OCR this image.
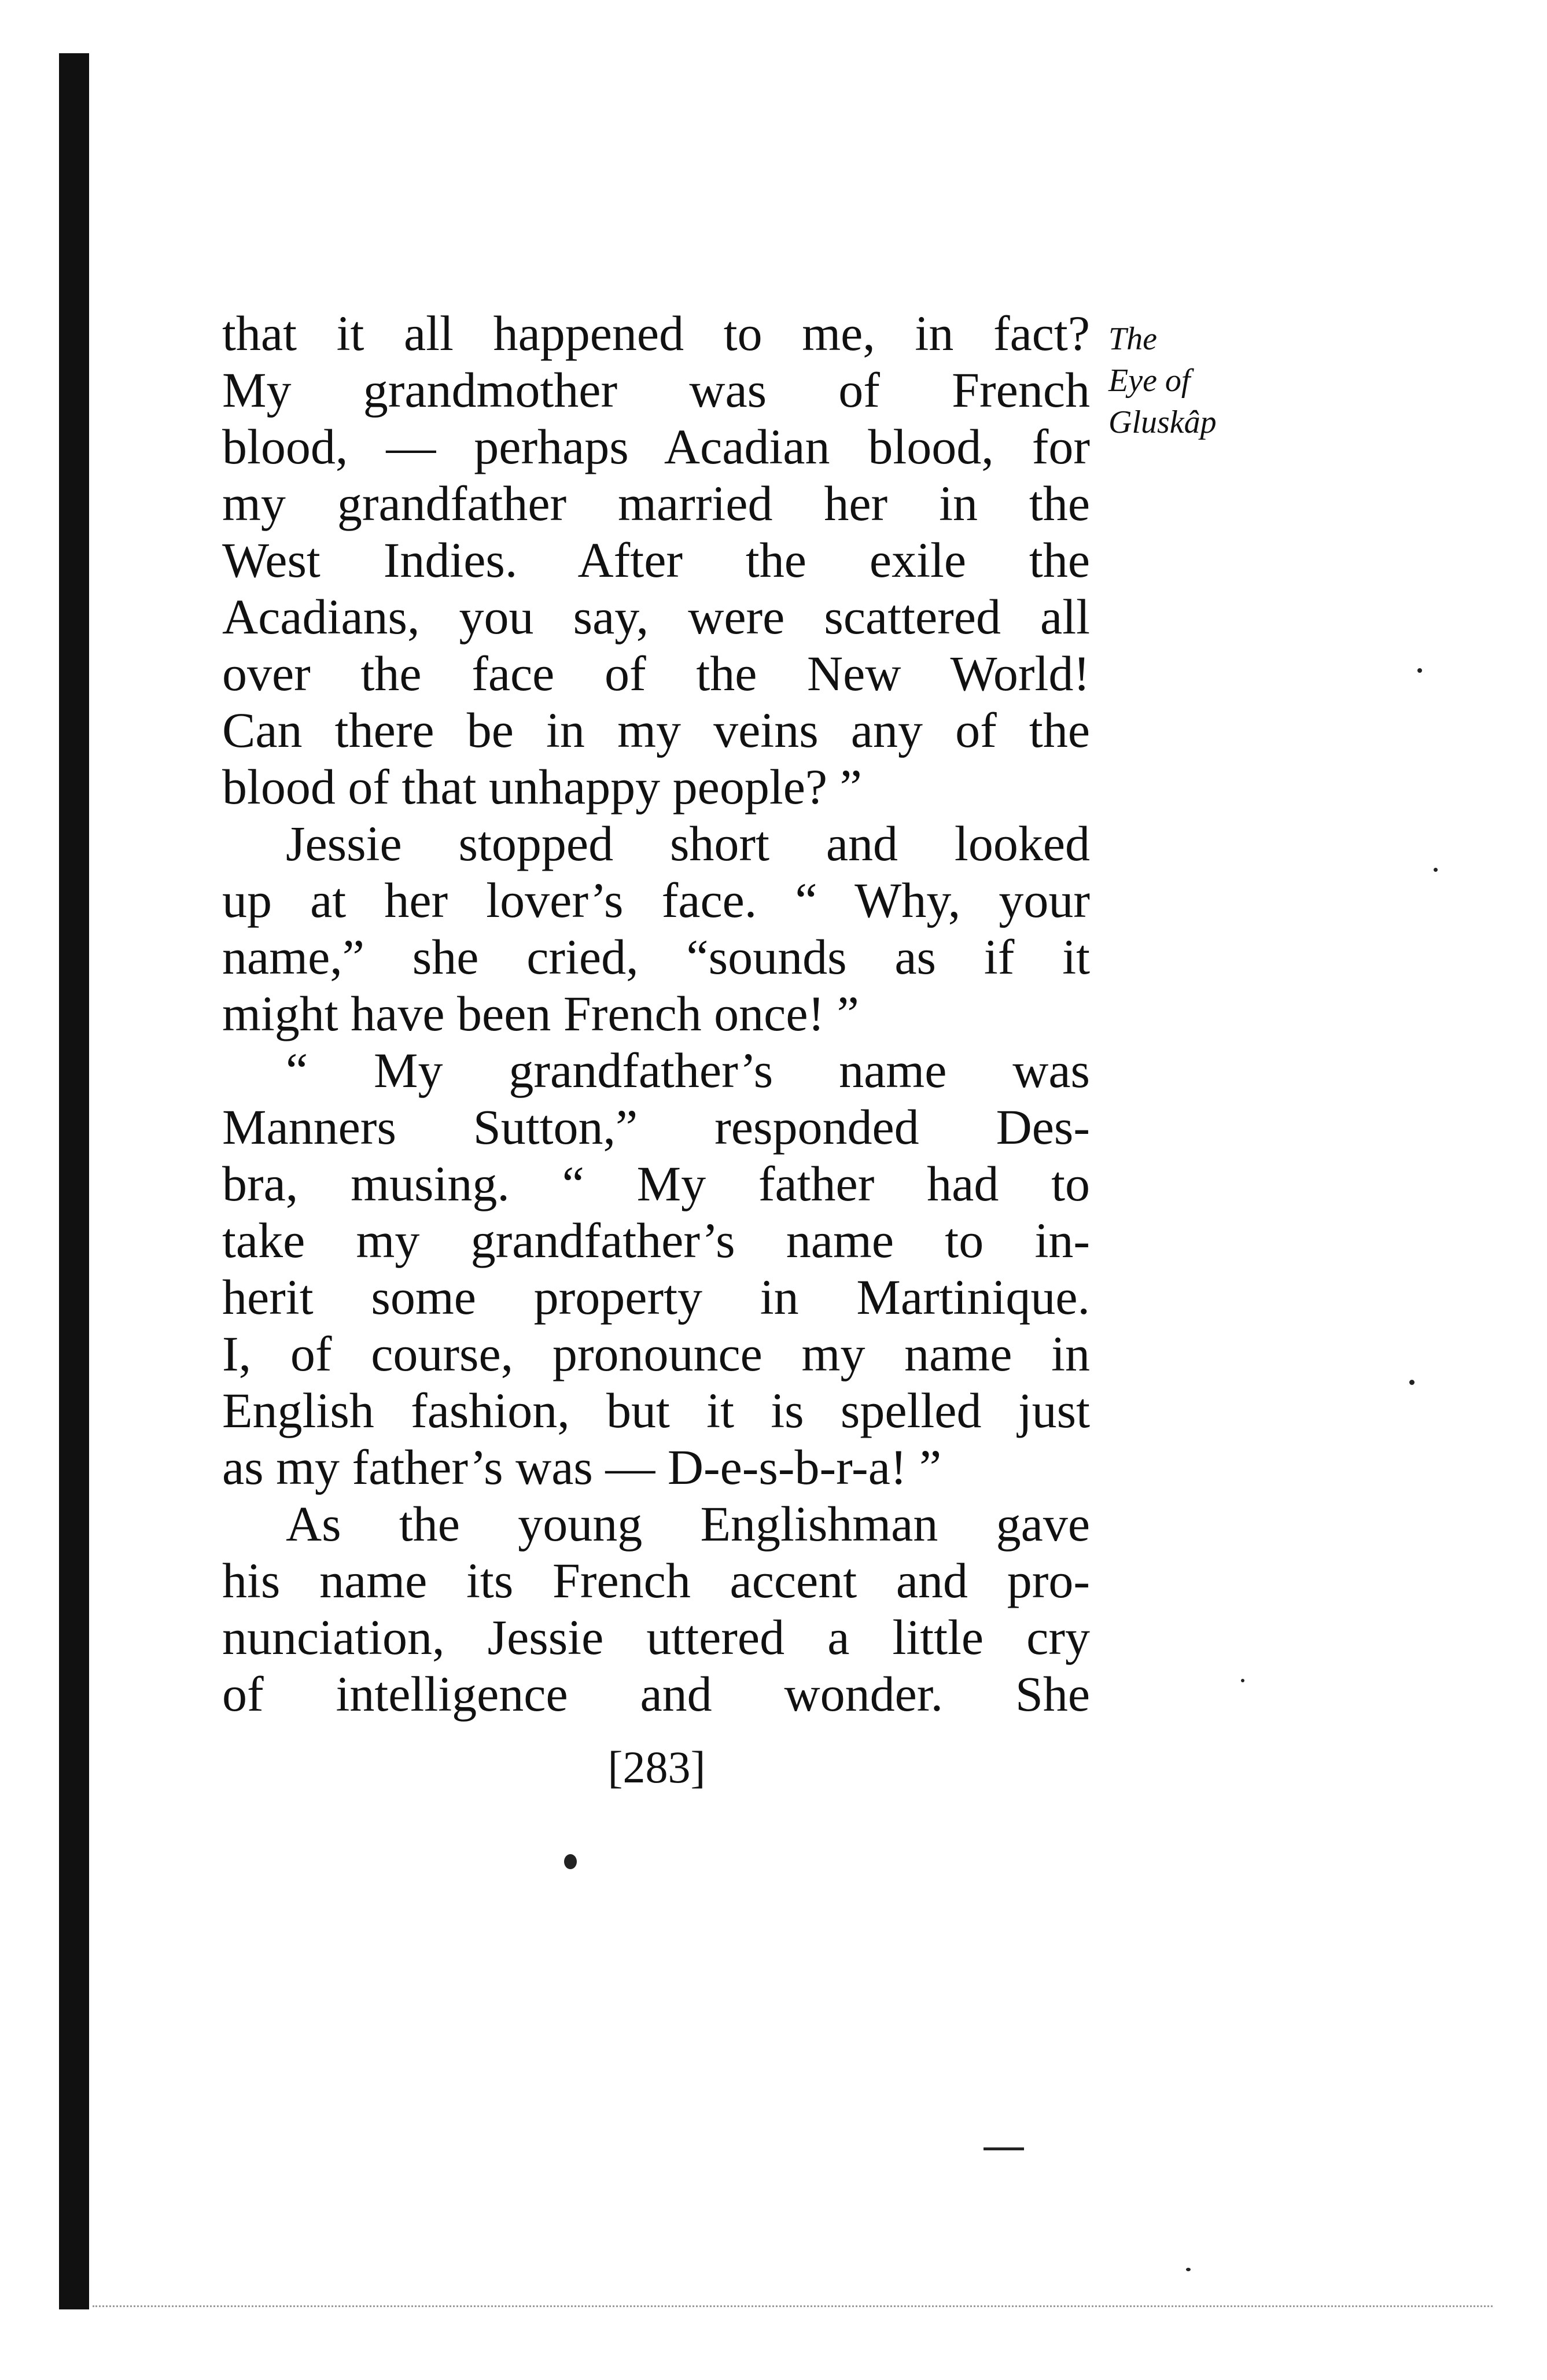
that it all happened to me, in fact?
My grandmother was of French
blood, — perhaps Acadian blood, for
my grandfather married her in the
West Indies. After the exile the
Acadians, you say, were scattered all
over the face of the New World!
Can there be in my veins any of the
blood of that unhappy people? ”
Jessie stopped short and looked
up at her lover’s face. “ Why, your
name,” she cried, “sounds as if it
might have been French once! ”
“ My grandfather’s name was
Manners Sutton,” responded Des-
bra, musing. “ My father had to
take my grandfather’s name to in-
herit some property in Martinique.
I, of course, pronounce my name in
English fashion, but it is spelled just
as my father’s was — D-e-s-b-r-a! ”
As the young Englishman gave
his name its French accent and pro-
nunciation, Jessie uttered a little cry
of intelligence and wonder. She
The
Eye of
Gluskâp

[283]
